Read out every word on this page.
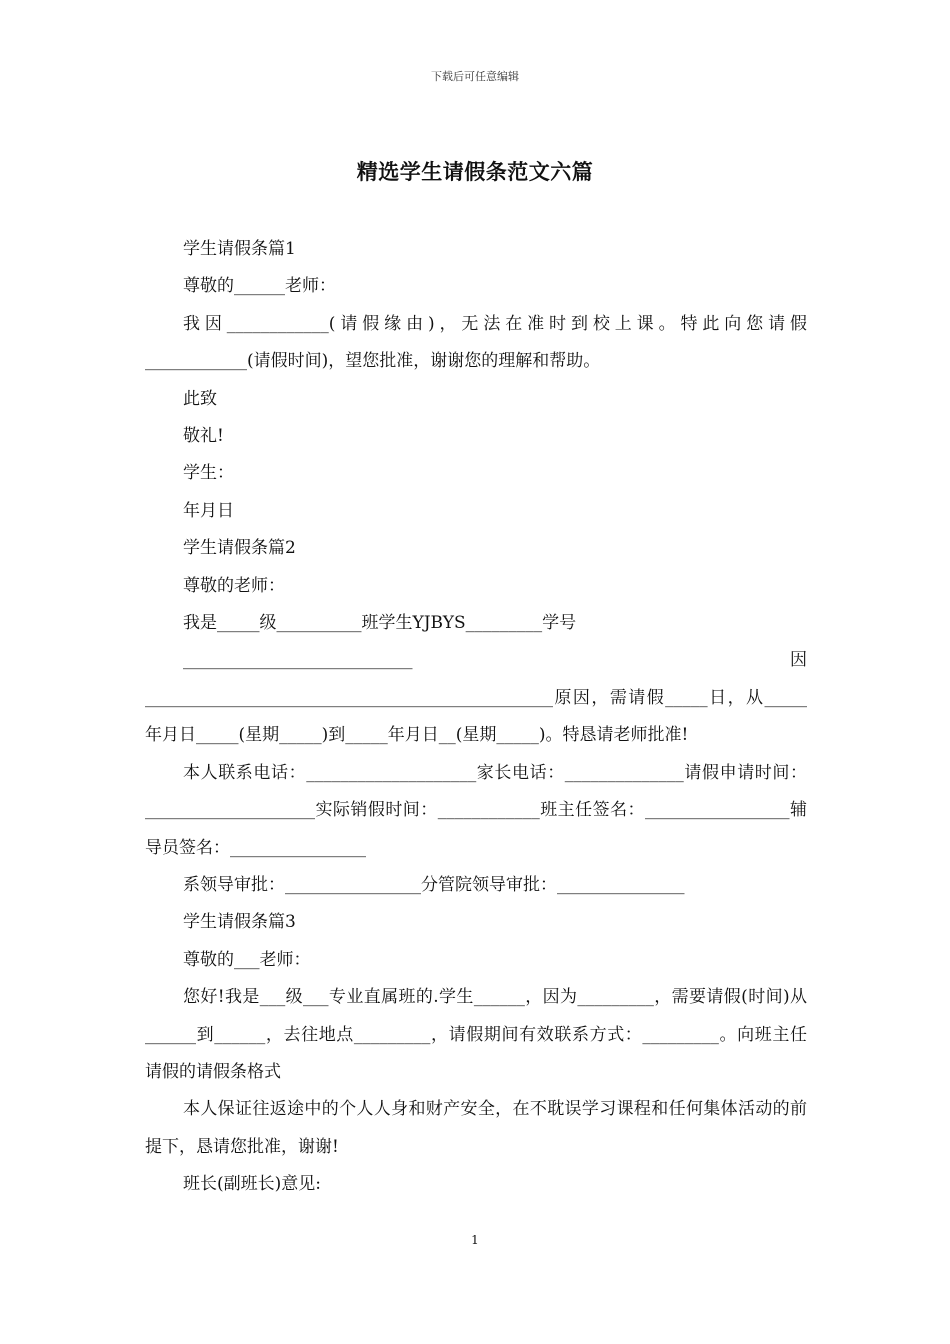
下载后可任意编辑
精选学生请假条范文六篇

学生请假条篇1

尊敬的______老师：

我因____________(请假缘由)，无法在准时到校上课。特此向您请假____________(请假时间)，望您批准，谢谢您的理解和帮助。

此致

敬礼!

学生：

年月日

学生请假条篇2

尊敬的老师：

我是_____级__________班学生YJBYS_________学号

___________________________因________________________________________________原因，需请假_____日，从_____年月日_____(星期_____)到_____年月日__(星期_____)。特恳请老师批准!

本人联系电话：____________________家长电话：______________请假申请时间：____________________实际销假时间：____________班主任签名：_________________辅导员签名：________________

系领导审批：________________分管院领导审批：_______________

学生请假条篇3

尊敬的___老师：

您好!我是___级___专业直属班的.学生______，因为_________，需要请假(时间)从______到______，去往地点_________，请假期间有效联系方式：_________。向班主任请假的请假条格式

本人保证往返途中的个人人身和财产安全，在不耽误学习课程和任何集体活动的前提下，恳请您批准，谢谢!

班长(副班长)意见:

1
